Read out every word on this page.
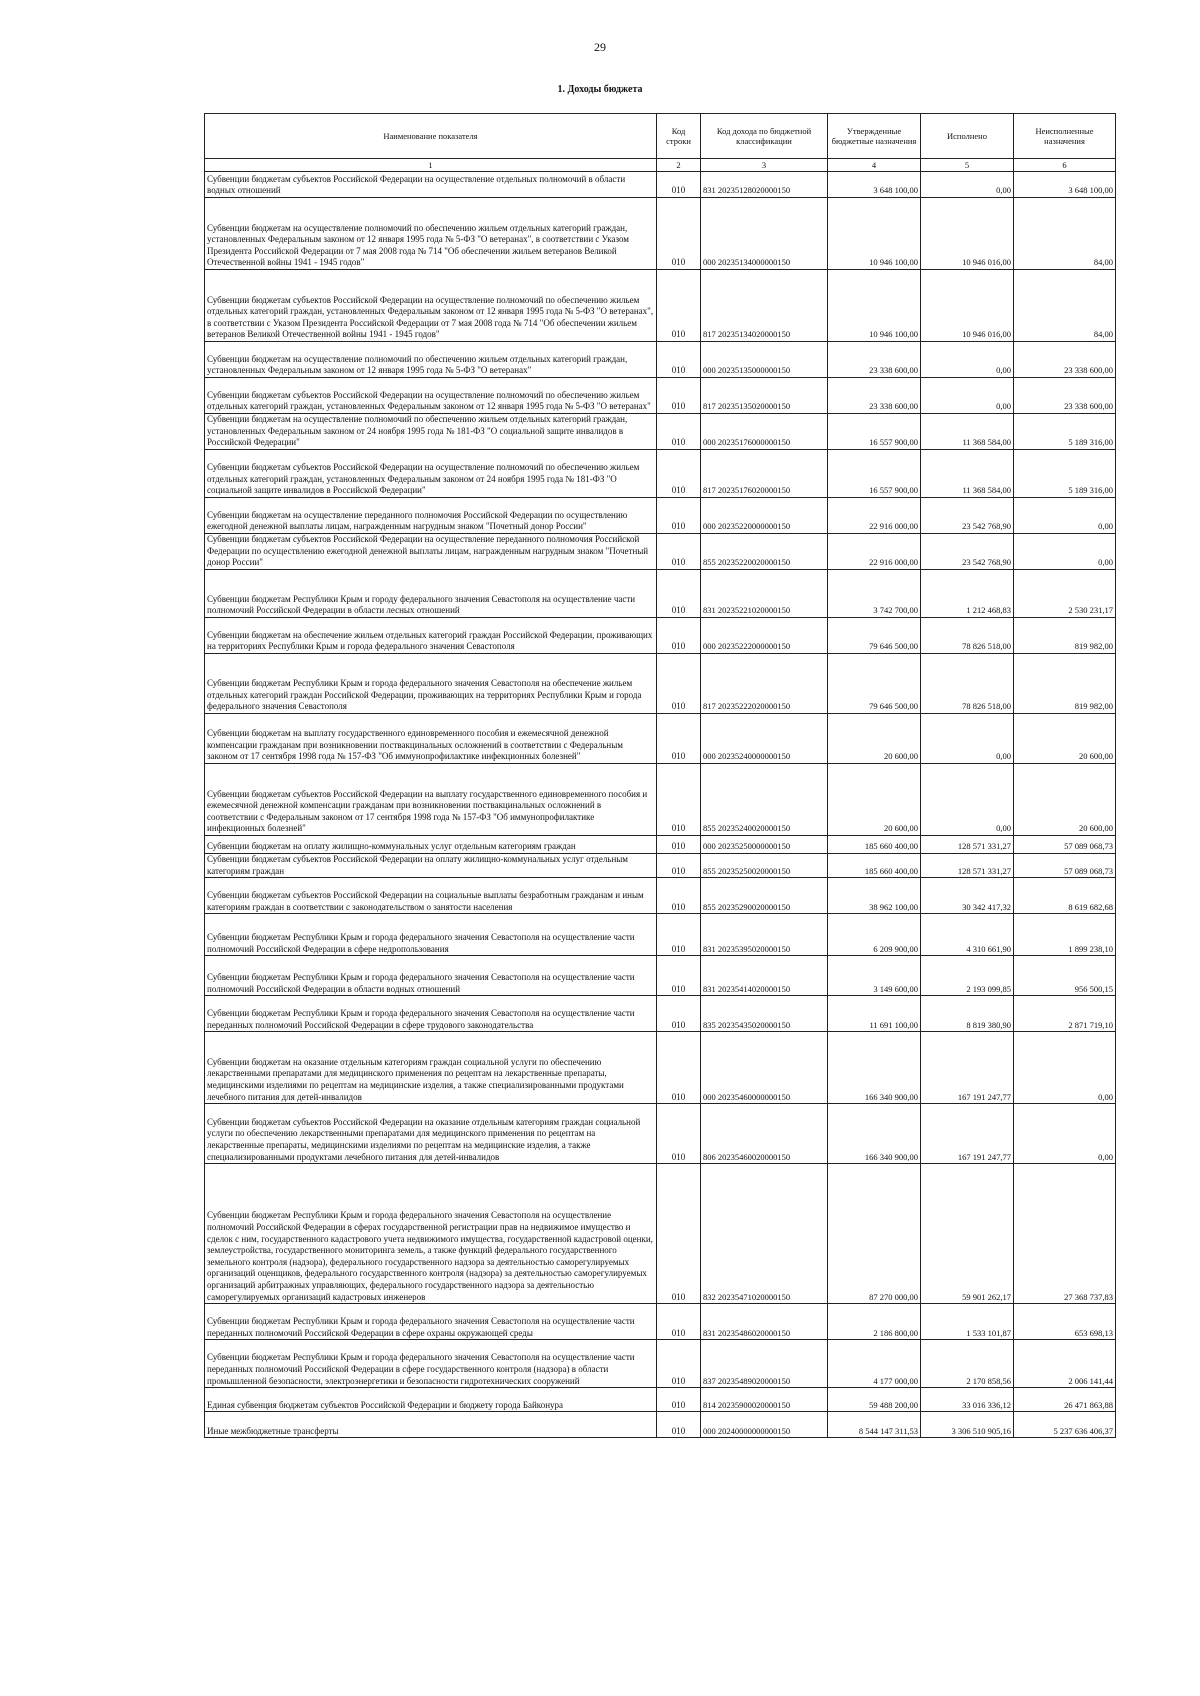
29
1. Доходы бюджета
Наименование показателя	Код строки	Код дохода по бюджетной классификации	Утвержденные бюджетные назначения	Исполнено	Неисполненные назначения
1	2	3	4	5	6
Субвенции бюджетам субъектов Российской Федерации на осуществление отдельных полномочий в области водных отношений	010	831 20235128020000150	3 648 100,00	0,00	3 648 100,00
Субвенции бюджетам на осуществление полномочий по обеспечению жильем отдельных категорий граждан, установленных Федеральным законом от 12 января 1995 года № 5-ФЗ "О ветеранах", в соответствии с Указом Президента Российской Федерации от 7 мая 2008 года № 714 "Об обеспечении жильем ветеранов Великой Отечественной войны 1941 - 1945 годов"	010	000 20235134000000150	10 946 100,00	10 946 016,00	84,00
Субвенции бюджетам субъектов Российской Федерации на осуществление полномочий по обеспечению жильем отдельных категорий граждан, установленных Федеральным законом от 12 января 1995 года № 5-ФЗ "О ветеранах", в соответствии с Указом Президента Российской Федерации от 7 мая 2008 года № 714 "Об обеспечении жильем ветеранов Великой Отечественной войны 1941 - 1945 годов"	010	817 20235134020000150	10 946 100,00	10 946 016,00	84,00
Субвенции бюджетам на осуществление полномочий по обеспечению жильем отдельных категорий граждан, установленных Федеральным законом от 12 января 1995 года № 5-ФЗ "О ветеранах"	010	000 20235135000000150	23 338 600,00	0,00	23 338 600,00
Субвенции бюджетам субъектов Российской Федерации на осуществление полномочий по обеспечению жильем отдельных категорий граждан, установленных Федеральным законом от 12 января 1995 года № 5-ФЗ "О ветеранах"	010	817 20235135020000150	23 338 600,00	0,00	23 338 600,00
Субвенции бюджетам на осуществление полномочий по обеспечению жильем отдельных категорий граждан, установленных Федеральным законом от 24 ноября 1995 года № 181-ФЗ "О социальной защите инвалидов в Российской Федерации"	010	000 20235176000000150	16 557 900,00	11 368 584,00	5 189 316,00
Субвенции бюджетам субъектов Российской Федерации на осуществление полномочий по обеспечению жильем отдельных категорий граждан, установленных Федеральным законом от 24 ноября 1995 года № 181-ФЗ "О социальной защите инвалидов в Российской Федерации"	010	817 20235176020000150	16 557 900,00	11 368 584,00	5 189 316,00
Субвенции бюджетам на осуществление переданного полномочия Российской Федерации по осуществлению ежегодной денежной выплаты лицам, награжденным нагрудным знаком "Почетный донор России"	010	000 20235220000000150	22 916 000,00	23 542 768,90	0,00
Субвенции бюджетам субъектов Российской Федерации на осуществление переданного полномочия Российской Федерации по осуществлению ежегодной денежной выплаты лицам, награжденным нагрудным знаком "Почетный донор России"	010	855 20235220020000150	22 916 000,00	23 542 768,90	0,00
Субвенции бюджетам Республики Крым и городу федерального значения Севастополя на осуществление части полномочий Российской Федерации в области лесных отношений	010	831 20235221020000150	3 742 700,00	1 212 468,83	2 530 231,17
Субвенции бюджетам на обеспечение жильем отдельных категорий граждан Российской Федерации, проживающих на территориях Республики Крым и города федерального значения Севастополя	010	000 20235222000000150	79 646 500,00	78 826 518,00	819 982,00
Субвенции бюджетам Республики Крым и города федерального значения Севастополя на обеспечение жильем отдельных категорий граждан Российской Федерации, проживающих на территориях Республики Крым и города федерального значения Севастополя	010	817 20235222020000150	79 646 500,00	78 826 518,00	819 982,00
Субвенции бюджетам на выплату государственного единовременного пособия и ежемесячной денежной компенсации гражданам при возникновении поствакцинальных осложнений в соответствии с Федеральным законом от 17 сентября 1998 года № 157-ФЗ "Об иммунопрофилактике инфекционных болезней"	010	000 20235240000000150	20 600,00	0,00	20 600,00
Субвенции бюджетам субъектов Российской Федерации на выплату государственного единовременного пособия и ежемесячной денежной компенсации гражданам при возникновении поствакцинальных осложнений в соответствии с Федеральным законом от 17 сентября 1998 года № 157-ФЗ "Об иммунопрофилактике инфекционных болезней"	010	855 20235240020000150	20 600,00	0,00	20 600,00
Субвенции бюджетам на оплату жилищно-коммунальных услуг отдельным категориям граждан	010	000 20235250000000150	185 660 400,00	128 571 331,27	57 089 068,73
Субвенции бюджетам субъектов Российской Федерации на оплату жилищно-коммунальных услуг отдельным категориям граждан	010	855 20235250020000150	185 660 400,00	128 571 331,27	57 089 068,73
Субвенции бюджетам субъектов Российской Федерации на социальные выплаты безработным гражданам и иным категориям граждан в соответствии с законодательством о занятости населения	010	855 20235290020000150	38 962 100,00	30 342 417,32	8 619 682,68
Субвенции бюджетам Республики Крым и города федерального значения Севастополя на осуществление части полномочий Российской Федерации в сфере недропользования	010	831 20235395020000150	6 209 900,00	4 310 661,90	1 899 238,10
Субвенции бюджетам Республики Крым и города федерального значения Севастополя на осуществление части полномочий Российской Федерации в области водных отношений	010	831 20235414020000150	3 149 600,00	2 193 099,85	956 500,15
Субвенции бюджетам Республики Крым и города федерального значения Севастополя на осуществление части переданных полномочий Российской Федерации в сфере трудового законодательства	010	835 20235435020000150	11 691 100,00	8 819 380,90	2 871 719,10
Субвенции бюджетам на оказание отдельным категориям граждан социальной услуги по обеспечению лекарственными препаратами для медицинского применения по рецептам на лекарственные препараты, медицинскими изделиями по рецептам на медицинские изделия, а также специализированными продуктами лечебного питания для детей-инвалидов	010	000 20235460000000150	166 340 900,00	167 191 247,77	0,00
Субвенции бюджетам субъектов Российской Федерации на оказание отдельным категориям граждан социальной услуги по обеспечению лекарственными препаратами для медицинского применения по рецептам на лекарственные препараты, медицинскими изделиями по рецептам на медицинские изделия, а также специализированными продуктами лечебного питания для детей-инвалидов	010	806 20235460020000150	166 340 900,00	167 191 247,77	0,00
Субвенции бюджетам Республики Крым и города федерального значения Севастополя на осуществление полномочий Российской Федерации в сферах государственной регистрации прав на недвижимое имущество и сделок с ним, государственного кадастрового учета недвижимого имущества, государственной кадастровой оценки, землеустройства, государственного мониторинга земель, а также функций федерального государственного земельного контроля (надзора), федерального государственного надзора за деятельностью саморегулируемых организаций оценщиков, федерального государственного контроля (надзора) за деятельностью саморегулируемых организаций арбитражных управляющих, федерального государственного надзора за деятельностью саморегулируемых организаций кадастровых инженеров	010	832 20235471020000150	87 270 000,00	59 901 262,17	27 368 737,83
Субвенции бюджетам Республики Крым и города федерального значения Севастополя на осуществление части переданных полномочий Российской Федерации в сфере охраны окружающей среды	010	831 20235486020000150	2 186 800,00	1 533 101,87	653 698,13
Субвенции бюджетам Республики Крым и города федерального значения Севастополя на осуществление части переданных полномочий Российской Федерации в сфере государственного контроля (надзора) в области промышленной безопасности, электроэнергетики и безопасности гидротехнических сооружений	010	837 20235489020000150	4 177 000,00	2 170 858,56	2 006 141,44
Единая субвенция бюджетам субъектов Российской Федерации и бюджету города Байконура	010	814 20235900020000150	59 488 200,00	33 016 336,12	26 471 863,88
Иные межбюджетные трансферты	010	000 20240000000000150	8 544 147 311,53	3 306 510 905,16	5 237 636 406,37
